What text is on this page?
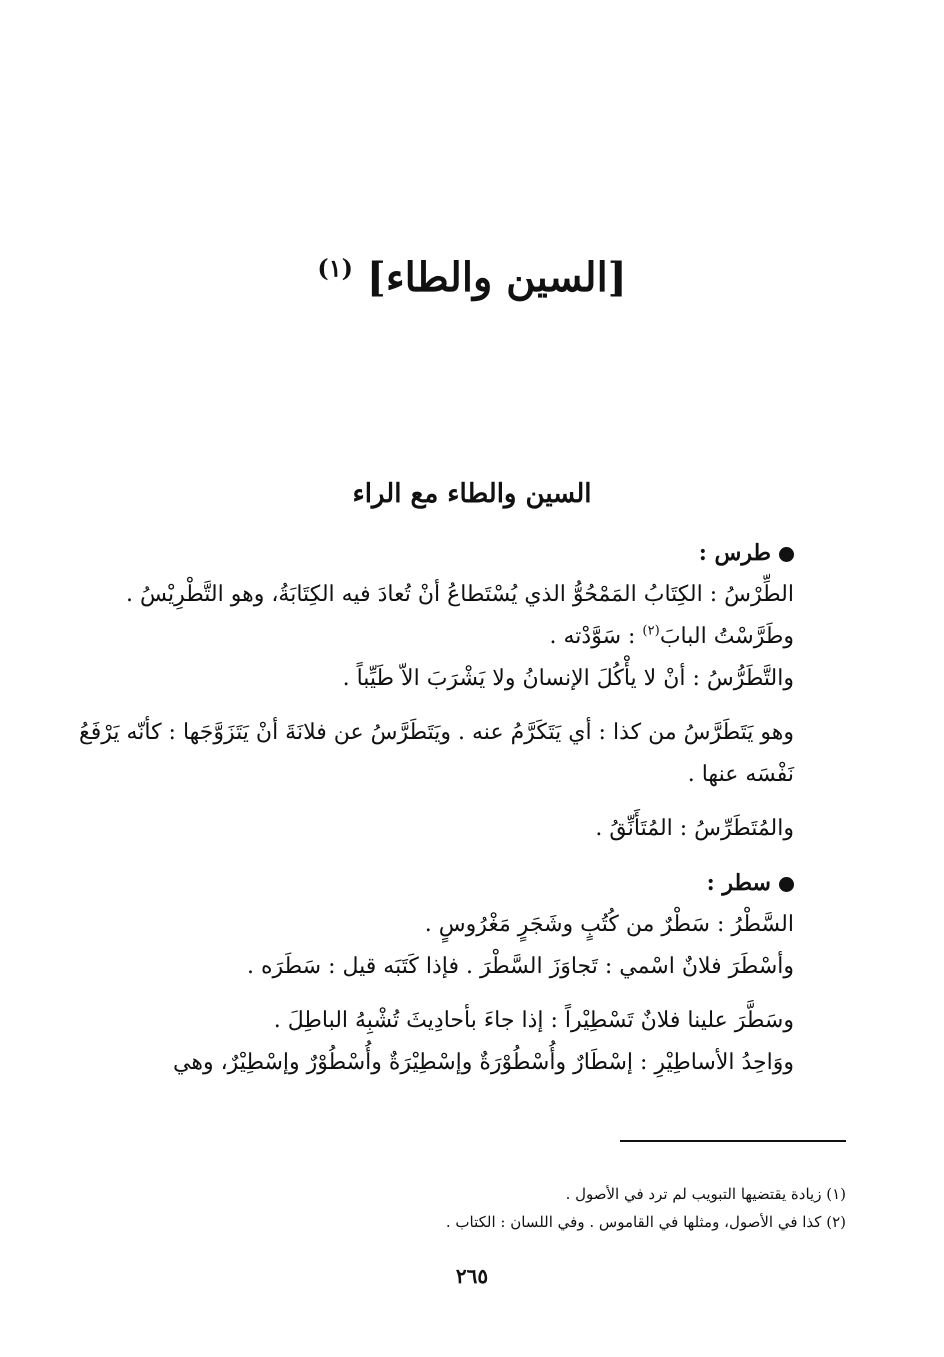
[السين والطاء] $^{(١)}$
السين والطاء مع الراء

طرس :

الطِّرْسُ : الكِتَابُ المَمْحُوُّ الذي يُسْتَطاعُ أنْ تُعادَ فيه الكِتَابَةُ، وهو التَّطْرِيْسُ .

وطَرَّسْتُ البابَ$^{(٢)}$ : سَوَّدْته .

والتَّطَرُّسُ : أنْ لا يأْكُلَ الإنسانُ ولا يَشْرَبَ الاّ طَيِّباً .

وهو يَتَطَرَّسُ من كذا : أي يَتَكَرَّمُ عنه . ويَتَطَرَّسُ عن فلانَةَ أنْ يَتَزَوَّجَها : كأنّه يَرْفَعُ نَفْسَه عنها .

والمُتَطَرِّسُ : المُتَأَنِّقُ .

سطر :

السَّطْرُ : سَطْرٌ من كُتُبٍ وشَجَرٍ مَغْرُوسٍ .

وأسْطَرَ فلانٌ اسْمي : تَجاوَزَ السَّطْرَ . فإذا كَتَبَه قيل : سَطَرَه .

وسَطَّرَ علينا فلانٌ تَسْطِيْراً : إذا جاءَ بأحادِيثَ تُشْبِهُ الباطِلَ .

ووَاحِدُ الأساطِيْرِ : إسْطَارٌ وأُسْطُوْرَةٌ وإسْطِيْرَةٌ وأُسْطُوْرٌ وإسْطِيْرٌ، وهي

(١) زيادة يقتضيها التبويب لم ترد في الأصول .

(٢) كذا في الأصول، ومثلها في القاموس . وفي اللسان : الكتاب .

٢٦٥
